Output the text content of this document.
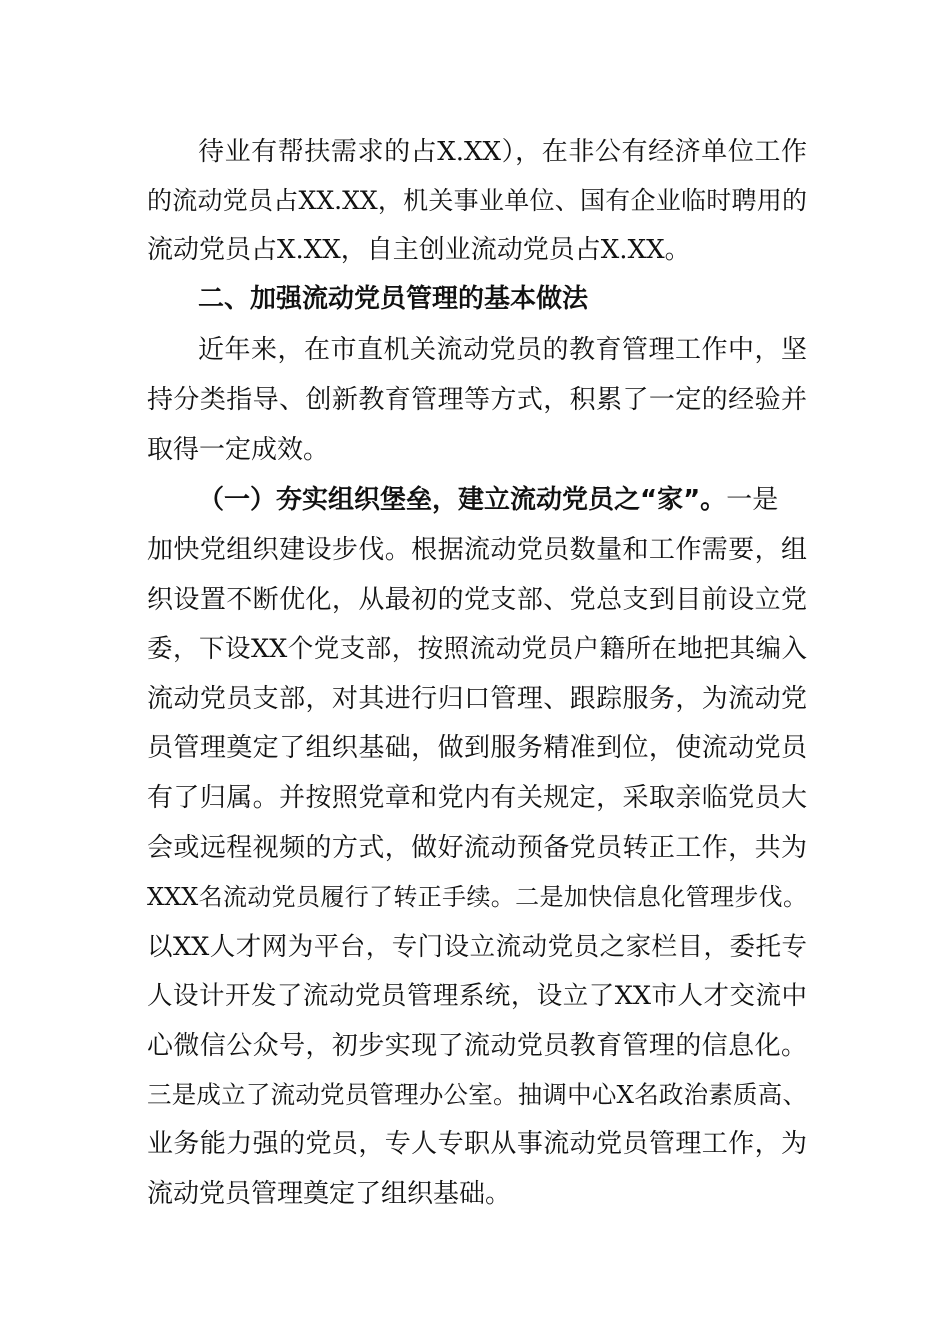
待业有帮扶需求的占X.XX），在非公有经济单位工作
的流动党员占XX.XX，机关事业单位、国有企业临时聘用的
流动党员占X.XX，自主创业流动党员占X.XX。
二、加强流动党员管理的基本做法
近年来，在市直机关流动党员的教育管理工作中，坚
持分类指导、创新教育管理等方式，积累了一定的经验并
取得一定成效。
（一）夯实组织堡垒，建立流动党员之“家”。一是
加快党组织建设步伐。根据流动党员数量和工作需要，组
织设置不断优化，从最初的党支部、党总支到目前设立党
委，下设XX个党支部，按照流动党员户籍所在地把其编入
流动党员支部，对其进行归口管理、跟踪服务，为流动党
员管理奠定了组织基础，做到服务精准到位，使流动党员
有了归属。并按照党章和党内有关规定，采取亲临党员大
会或远程视频的方式，做好流动预备党员转正工作，共为
XXX名流动党员履行了转正手续。二是加快信息化管理步伐。
以XX人才网为平台，专门设立流动党员之家栏目，委托专
人设计开发了流动党员管理系统，设立了XX市人才交流中
心微信公众号，初步实现了流动党员教育管理的信息化。
三是成立了流动党员管理办公室。抽调中心X名政治素质高、
业务能力强的党员，专人专职从事流动党员管理工作，为
流动党员管理奠定了组织基础。
